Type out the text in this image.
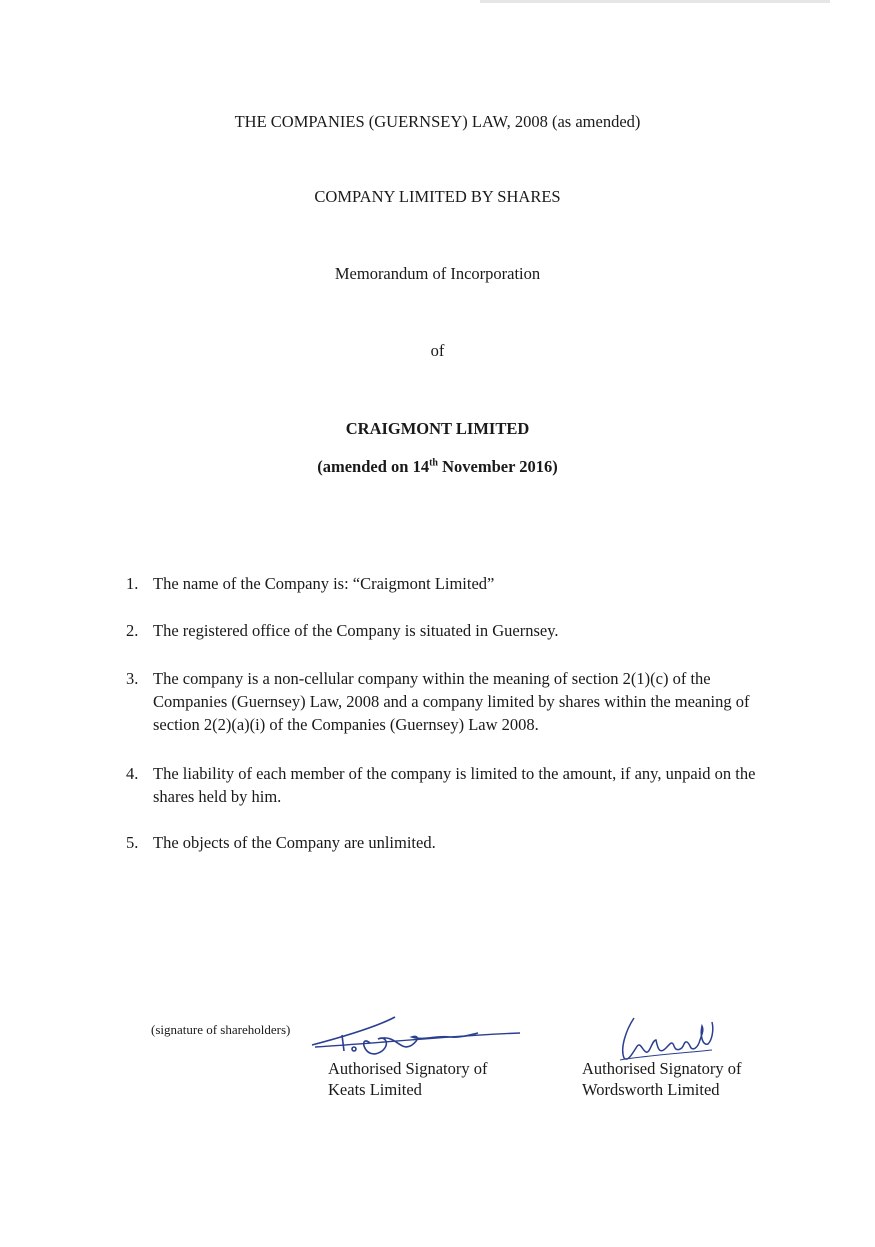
THE COMPANIES (GUERNSEY) LAW, 2008 (as amended)
COMPANY LIMITED BY SHARES
Memorandum of Incorporation
of
CRAIGMONT LIMITED
(amended on 14th November 2016)
1. The name of the Company is: “Craigmont Limited”
2. The registered office of the Company is situated in Guernsey.
3. The company is a non-cellular company within the meaning of section 2(1)(c) of the Companies (Guernsey) Law, 2008 and a company limited by shares within the meaning of section 2(2)(a)(i) of the Companies (Guernsey) Law 2008.
4. The liability of each member of the company is limited to the amount, if any, unpaid on the shares held by him.
5. The objects of the Company are unlimited.
(signature of shareholders)
Authorised Signatory of
Keats Limited
Authorised Signatory of
Wordsworth Limited
